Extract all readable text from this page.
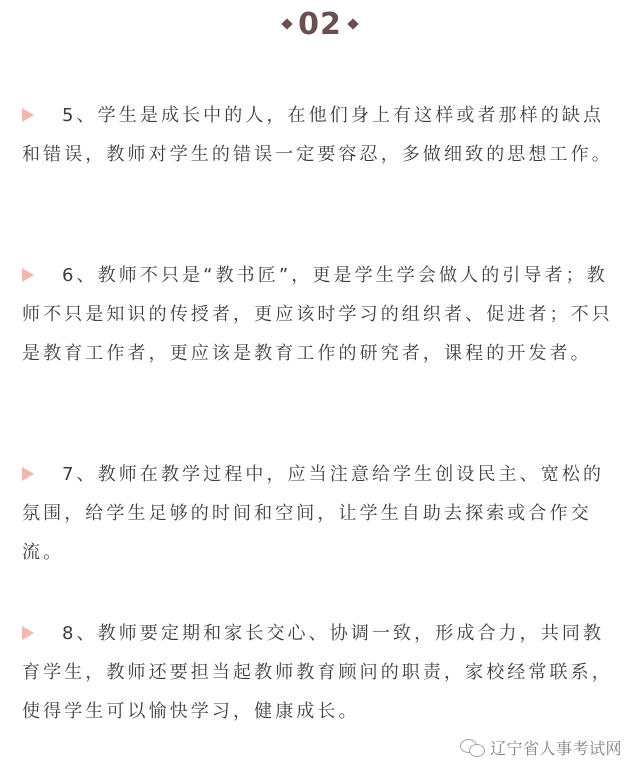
02

5、学生是成长中的人，在他们身上有这样或者那样的缺点和错误，教师对学生的错误一定要容忍，多做细致的思想工作。

6、教师不只是“教书匠”，更是学生学会做人的引导者；教师不只是知识的传授者，更应该时学习的组织者、促进者；不只是教育工作者，更应该是教育工作的研究者，课程的开发者。

7、教师在教学过程中，应当注意给学生创设民主、宽松的氛围，给学生足够的时间和空间，让学生自助去探索或合作交流。

8、教师要定期和家长交心、协调一致，形成合力，共同教育学生，教师还要担当起教师教育顾问的职责，家校经常联系，使得学生可以愉快学习，健康成长。

辽宁省人事考试网
